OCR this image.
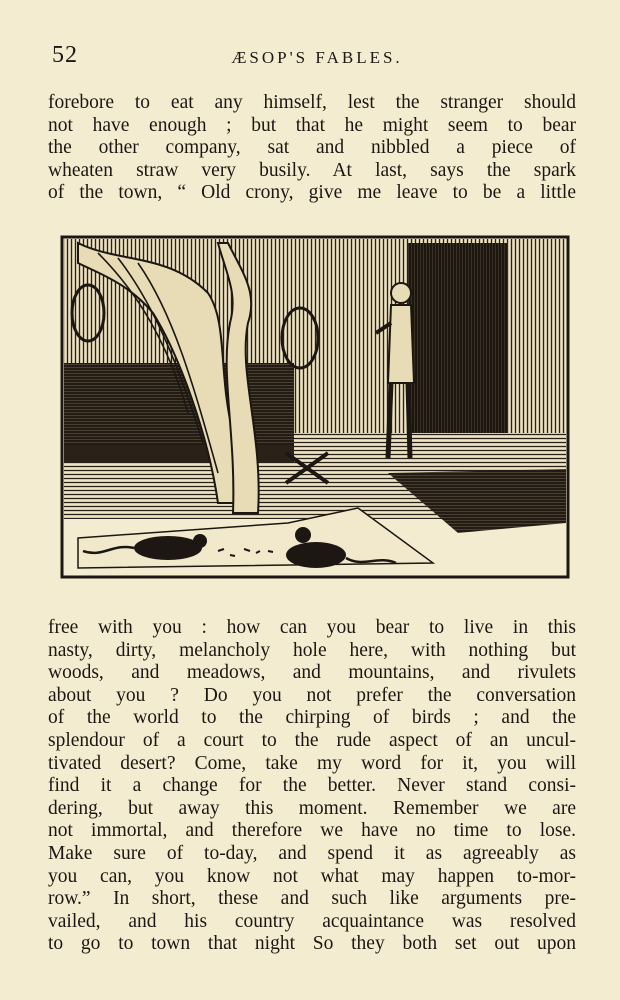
52	ÆSOP'S FABLES.
forebore to eat any himself, lest the stranger should
not have enough ; but that he might seem to bear
the other company, sat and nibbled a piece of
wheaten straw very busily. At last, says the spark
of the town, “ Old crony, give me leave to be a little
free with you : how can you bear to live in this
nasty, dirty, melancholy hole here, with nothing but
woods, and meadows, and mountains, and rivulets
about you ? Do you not prefer the conversation
of the world to the chirping of birds ; and the
splendour of a court to the rude aspect of an uncul-
tivated desert? Come, take my word for it, you will
find it a change for the better. Never stand consi-
dering, but away this moment. Remember we are
not immortal, and therefore we have no time to lose.
Make sure of to-day, and spend it as agreeably as
you can, you know not what may happen to-mor-
row.” In short, these and such like arguments pre-
vailed, and his country acquaintance was resolved
to go to town that night So they both set out upon
